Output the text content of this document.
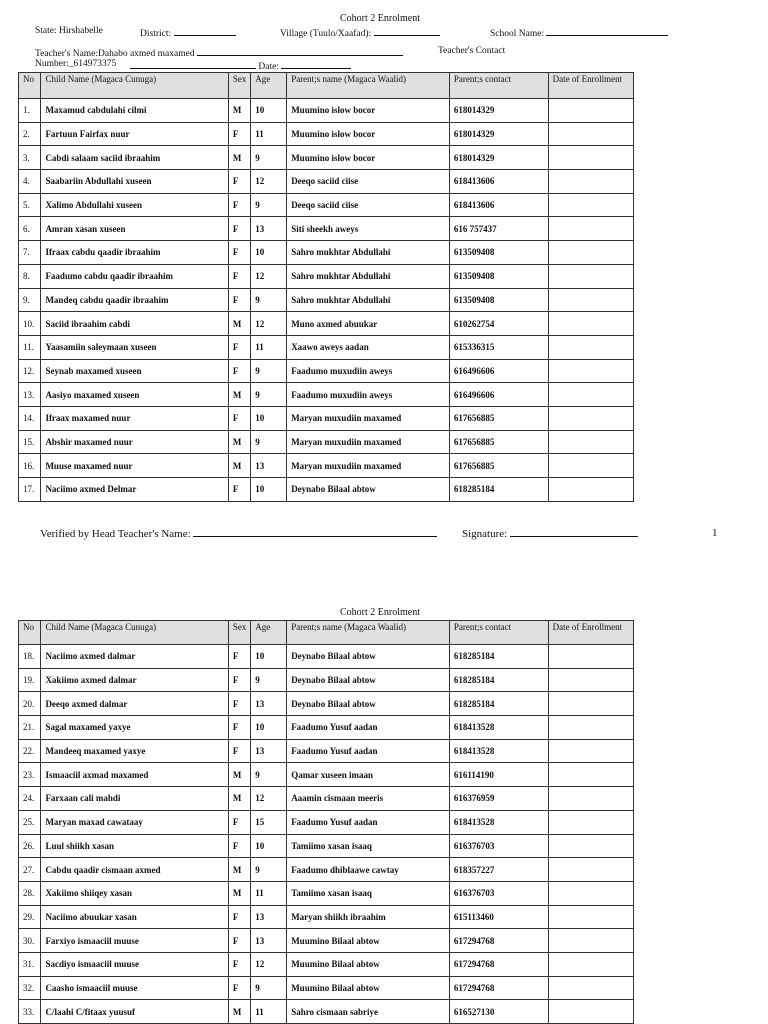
Cohort 2 Enrolment
State: Hirshabelle	District:	Village (Tuulo/Xaafad):	School Name:
Teacher's Name:Dahabo axmed maxamed	Teacher's Contact
Number:_614973375	Date:
No	Child Name (Magaca Cunuga)	Sex	Age	Parent;s name (Magaca Waalid)	Parent;s contact	Date of Enrollment
1.	Maxamud cabdulahi cilmi	M	10	Muumino islow bocor	618014329	
2.	Fartuun Fairfax nuur	F	11	Muumino islow bocor	618014329	
3.	Cabdi salaam saciid ibraahim	M	9	Muumino islow bocor	618014329	
4.	Saabariin Abdullahi xuseen	F	12	Deeqo saciid ciise	618413606	
5.	Xalimo Abdullahi xuseen	F	9	Deeqo saciid ciise	618413606	
6.	Amran xasan xuseen	F	13	Siti sheekh aweys	616 757437	
7.	Ifraax cabdu qaadir ibraahim	F	10	Sahro mukhtar Abdullahi	613509408	
8.	Faadumo cabdu qaadir ibraahim	F	12	Sahro mukhtar Abdullahi	613509408	
9.	Mandeq cabdu qaadir ibraahim	F	9	Sahro mukhtar Abdullahi	613509408	
10.	Saciid ibraahim cabdi	M	12	Muno axmed abuukar	610262754	
11.	Yaasamiin saleymaan xuseen	F	11	Xaawo aweys aadan	615336315	
12.	Seynab maxamed xuseen	F	9	Faadumo muxudiin aweys	616496606	
13.	Aasiyo maxamed xuseen	M	9	Faadumo muxudiin aweys	616496606	
14.	Ifraax maxamed nuur	F	10	Maryan muxudiin maxamed	617656885	
15.	Abshir maxamed nuur	M	9	Maryan muxudiin maxamed	617656885	
16.	Muuse maxamed nuur	M	13	Maryan muxudiin maxamed	617656885	
17.	Naciimo axmed Delmar	F	10	Deynabo Bilaal abtow	618285184	
Verified by Head Teacher's Name:	Signature:	1
Cohort 2 Enrolment
No	Child Name (Magaca Cunuga)	Sex	Age	Parent;s name (Magaca Waalid)	Parent;s contact	Date of Enrollment
18.	Naciimo axmed dalmar	F	10	Deynabo Bilaal abtow	618285184	
19.	Xakiimo axmed dalmar	F	9	Deynabo Bilaal abtow	618285184	
20.	Deeqo axmed dalmar	F	13	Deynabo Bilaal abtow	618285184	
21.	Sagal maxamed yaxye	F	10	Faadumo Yusuf aadan	618413528	
22.	Mandeeq maxamed yaxye	F	13	Faadumo Yusuf aadan	618413528	
23.	Ismaaciil axmad maxamed	M	9	Qamar xuseen imaan	616114190	
24.	Farxaan cali mahdi	M	12	Aaamin cismaan meeris	616376959	
25.	Maryan maxad cawataay	F	15	Faadumo Yusuf aadan	618413528	
26.	Luul shiikh xasan	F	10	Tamiimo xasan isaaq	616376703	
27.	Cabdu qaadir cismaan axmed	M	9	Faadumo dhiblaawe cawtay	618357227	
28.	Xakiimo shiiqey xasan	M	11	Tamiimo xasan isaaq	616376703	
29.	Naciimo abuukar xasan	F	13	Maryan shiikh ibraahim	615113460	
30.	Farxiyo ismaaciil muuse	F	13	Muumino Bilaal abtow	617294768	
31.	Sacdiyo ismaaciil muuse	F	12	Muumino Bilaal abtow	617294768	
32.	Caasho ismaaciil muuse	F	9	Muumino Bilaal abtow	617294768	
33.	C/laahi C/fitaax yuusuf	M	11	Sahro cismaan sabriye	616527130	
